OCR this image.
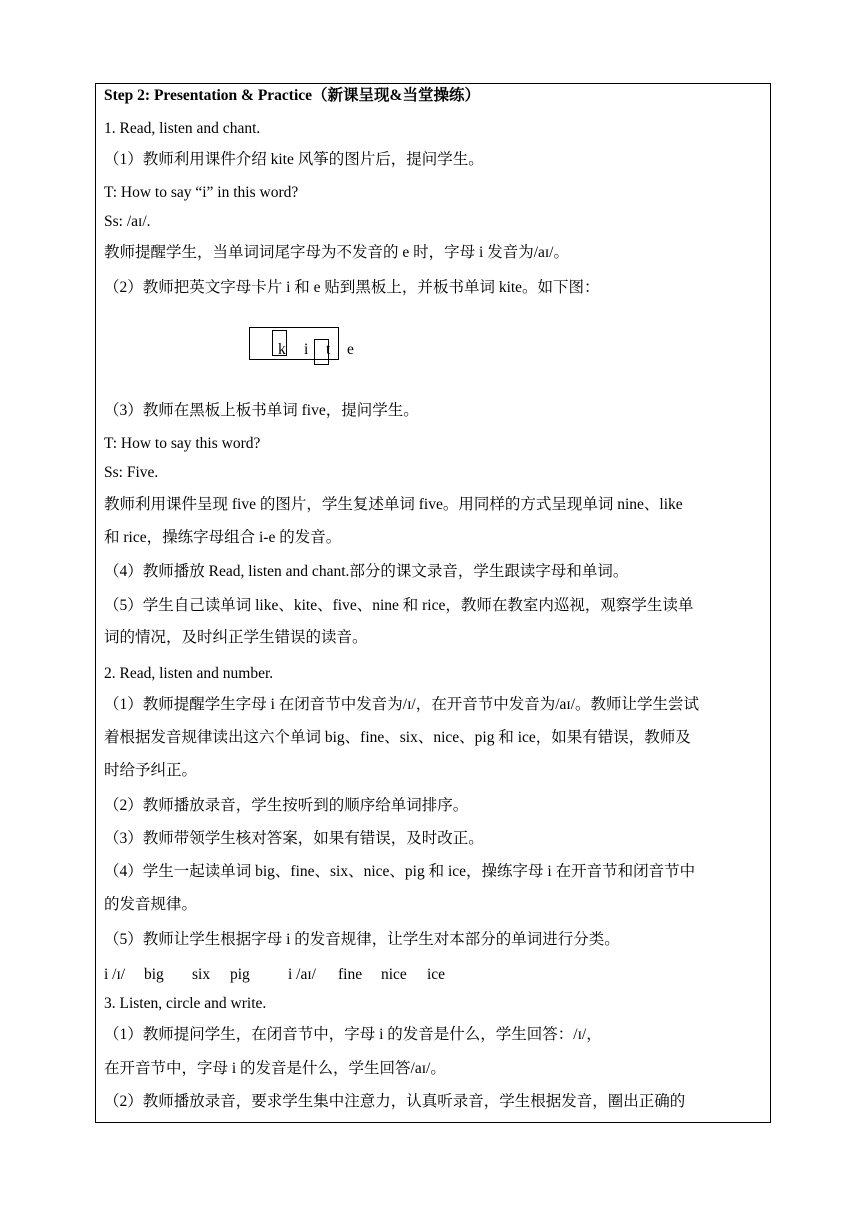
Step 2: Presentation & Practice（新课呈现&当堂操练）
1. Read, listen and chant.
（1）教师利用课件介绍 kite 风筝的图片后，提问学生。
T: How to say “i” in this word?
Ss: /aɪ/.
教师提醒学生，当单词词尾字母为不发音的 e 时，字母 i 发音为/aɪ/。
（2）教师把英文字母卡片 i 和 e 贴到黑板上，并板书单词 kite。如下图：
k i t e
（3）教师在黑板上板书单词 five，提问学生。
T: How to say this word?
Ss: Five.
教师利用课件呈现 five 的图片，学生复述单词 five。用同样的方式呈现单词 nine、like
和 rice，操练字母组合 i-e 的发音。
（4）教师播放 Read, listen and chant.部分的课文录音，学生跟读字母和单词。
（5）学生自己读单词 like、kite、five、nine 和 rice，教师在教室内巡视，观察学生读单
词的情况，及时纠正学生错误的读音。
2. Read, listen and number.
（1）教师提醒学生字母 i 在闭音节中发音为/ɪ/，在开音节中发音为/aɪ/。教师让学生尝试
着根据发音规律读出这六个单词 big、fine、six、nice、pig 和 ice，如果有错误，教师及
时给予纠正。
（2）教师播放录音，学生按听到的顺序给单词排序。
（3）教师带领学生核对答案，如果有错误，及时改正。
（4）学生一起读单词 big、fine、six、nice、pig 和 ice，操练字母 i 在开音节和闭音节中
的发音规律。
（5）教师让学生根据字母 i 的发音规律，让学生对本部分的单词进行分类。
i /ɪ/ big six pig i /aɪ/ fine nice ice
3. Listen, circle and write.
（1）教师提问学生，在闭音节中，字母 i 的发音是什么，学生回答：/ɪ/，
在开音节中，字母 i 的发音是什么，学生回答/aɪ/。
（2）教师播放录音，要求学生集中注意力，认真听录音，学生根据发音，圈出正确的
